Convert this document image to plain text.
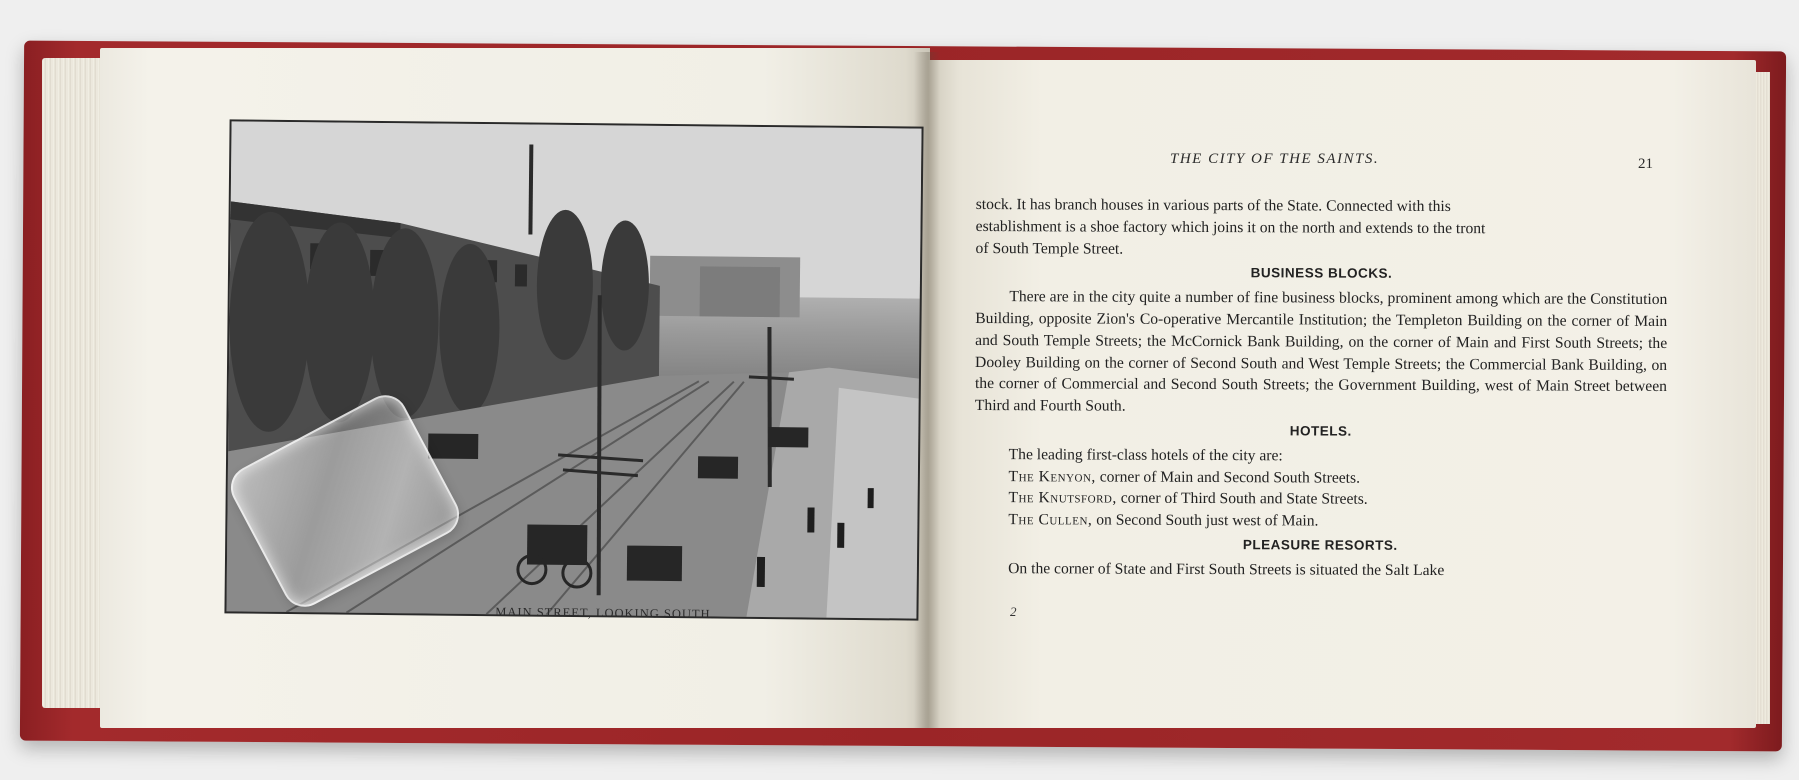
MAIN STREET, LOOKING SOUTH.
THE CITY OF THE SAINTS.	21

stock. It has branch houses in various parts of the State. Connected with this

establishment is a shoe factory which joins it on the north and extends to the tront

of South Temple Street.

BUSINESS BLOCKS.

There are in the city quite a number of fine business blocks, prominent among which are the Constitution Building, opposite Zion's Co-operative Mercantile Institution; the Templeton Building on the corner of Main and South Temple Streets; the McCornick Bank Building, on the corner of Main and First South Streets; the Dooley Building on the corner of Second South and West Temple Streets; the Commercial Bank Building, on the corner of Commercial and Second South Streets; the Government Building, west of Main Street between Third and Fourth South.

HOTELS.

The leading first-class hotels of the city are:

The Kenyon, corner of Main and Second South Streets.

The Knutsford, corner of Third South and State Streets.

The Cullen, on Second South just west of Main.

PLEASURE RESORTS.

On the corner of State and First South Streets is situated the Salt Lake

2
